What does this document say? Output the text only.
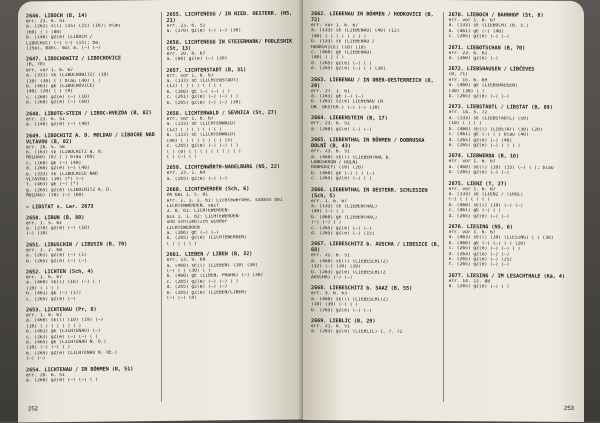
2646. LIBOCH (B, 14)
err. 23. 6. 51
a. (262) s(l) (15) (15) (16); blau
(60) ( ) (80)
b. (140) gZ(e) (LIBOCH /
LIBOCHIC) (—) (—) (15); ba.
(15a), Bahl. mul a. (—) (—)
2647. LIBOCHOWITZ / LIBOCHOVICE
(B, 70)
err. vor 1. 6. 67
a. (331) sE (LIBOCHOWITZ) (10)
(10) (30) ( ) blau (40) ( )
b. (463) gE (LIBOCHOVICE)
(40) (20) ( ) (9)
c. (260) gZ(e) (—) (10)
d. (260) gZ(e) (—) (60)
2648. LIBOTE-STEIN / LIBOC-HVEZDA (B, 82)
err. 23. 6. 51
a. (140) gZ(e) (—) (40)
2649. LIBOCHITZ A. D. MOLDAU / LIBOCHE NAD VLTAVOU (B, 82)
err. 28. 5. 58
b. (163) sE (LIBOCHITZ a. d.
MOLDAU) (8) ( ) blau (60)
c. (160) gE (—) (40)
d. (260) gZ(e) (—) (40)
e. (333) sE (LIBOCHICE NAD
VLTAVOU) (10) (*) (—)
f. (463) gE (—) (*)
g. (265) gZ(e) (LIBOCHITZ A. D.
MOLDAU) (10) (—) (60)
— LIBSTAT s. Ler. 2673
2650. LIBUN (B, 80)
err. 1. 5. 61
a. (270) gZ(e) (—) (10)
(—) (10)
2651. LIBUSCHIN / LIBUSIN (B, 70)
err. 1. 2. 68
a. (261) gZ(e) (—) (1)
b. (265) gZ(e) (—) (—)
2652. LICHTEN (Sch, 4)
err. 1. 6. 67
a. (460) sE(l) (16) (—) ( )
(10) ( ) ( )
b. (461) gE (—) (17)
c. (265) gZ(e) (—)
2653. LICHTENAU (Pr, 8)
err. 1. 8. 67
a. (460) sE(l) (10) (19) (—)
(10) ( ) ( ) ( ) ( )
b. (461) gE (LICHTENAU) (—)
c. (261) gZ(e) (—) (—) ( )
d. (465) gE (LICHTENAU N. O.)
(10) (—) (—) ( )
e. (265) gZ(e) (LICHTENAU N. OE.)
(—) (—)
2654. LICHTENAU / IN BÖHMEN (B, 51)
err. 20. 6. 51
a. (260) gZ(e) (—) (—) ( )
2655. LICHTENEGG / IN NIED. OESTERR. (N5, 21)
err. 23. 6. 51
a. (370) gZ(e) (—) (—) (30)
2656. LICHTENEGG IN STEIERMARK/ PODLESNIK (St, 13)
err. 20. 8. 67
a. (60) gZ(e) (—) (30)
2657. LICHTENSTADT (B, 31)
err. vor 1. 6. 67
a. (133) sE (LICHTENSTADT)
(12) ( ) ( ) ( ) ( )
b. (160) gE (—) (—) ( )
c. (261) gZ(e) (—) (—) ( )
b. (265) gZ(e) (—) (—) (30)
2658. LICHTENWALD / SEVNICA (St, 27)
err. vor 1. 6. 67
a. (133) sE (LICHTENWALD)
(12) ( ) ( ) ( ) ( )
b. (133) sE (LICHTENWALD)
(40) ( ) ( ) ( ) ( ) (5)
c. (265) gZ(e) (—) (—) ( )
( ) (0) ( ) ( ) ( ) ( ) ( )
( ) (—) ( )
2659. LICHTENWÖRTH-NADELBURG (N5, 22)
err. 23. 1. 64
a. (265) gZ(e) (—) (—)
2660. LICHTEWERDEN (Sch, 6)
PA bei 1. 5. 81
err. 1. 1. 1. 61: Lichtewerden, sodass bei
LICHTENWERDEN. seit
3. 8. 61: LICHTEWERDEN-
bis 1. 1. 82: LICHTEWERDEN-
und schließlich wieder
LICHTEWERDEN
a. (166) gE (—) (—)
b. (265) gZ(e) (LICHTEWERDEN)
( ) ( ) ( )
2661. LIEBEN / LIBEN (B, 32)
err. 13. 9. 69
a. (460) sE(l) (LIEBEN) (10) (30)
(—) ( ) (30) ( )
b. (460) gE (LIBEN, PRAHA) (—) (30)
c. (265) gZ(e) (—) (—) ( )
d. (265) gZ(e) (—) (—)
e. (265) gZ(e) (LIEBEN/LIBEN)
(—) (—) (8)
252
2662. LIEBENAU IN BÖHMEN / HODKOVICE (B, 72)
err. vor 1. 6. 67
a. (133) sE (LIEBENAU) (40) (12)
(40) ( ) ( ) ( ) ( )
b. (133) sE (LIEBENAU /
HODKOVICE) (10) (10)
c. (460) gE (LIEBENAU)
(40) ( ) ( )
d. (265) gZ(e) (—) ( )
e. (265) gZ(e) (—) ( ) (30)
2663. LIEBENAU / IN OBER-OESTERREICH (O, 20)
err. 27. 1. 61
a. (163) gE (—) (—)
b. (263) sZ(e) LIEBENAU IN
OB. OESTER.) (—) (—) (30)
2664. LIEBENSTEIN (B, 17)
err. 23. 6. 51
a. (260) gZ(e) (—) (—)
2665. LIEBENTHAL IN BÖHMEN / DOBRUSKA DOLNÍ (B, 43)
err. 23. 6. 51
a. (460) sE(l) (LIEBENTHAL b.
LANDSKRON / DOLNI
DOBROUCY) (10) (20)
b. (460) gE (—) ( ) (—)
c. (265) gZ(e) (—) ( )
2666. LIEBENTHAL IN OESTERR. SCHLESIEN (Sch, 5)
err. 1. 6. 67
a. (133) sE (LIEBENTHAL)
(40) (—) ( )
b. (460) gE (LIEBENTHAL)
(—) (—) ( )
c. (265) gZ(e) (—) (—)
d. (265) gZ(e) (—) (15)
2667. LIEBESCHITZ b. AUSCHA / LIBESICE (B, 68)
err. 22. 6. 51
a. (460) sE(l) (LIEBESCHITZ)
(12) (—) (10) (10)
b. (263) gZ(e) (LIEBESCHITZ
AUSCHA) (—) (—)
2668. LIEBESCHITZ b. SAAZ (B, 55)
err. 3. 6. 63
a. (460) sE(l) (LIEBESCHITZ)
(10) (30) (—) ( )
b. (265) gZ(e) (—) (—)
2669. LIEBLIC (B, 29)
err. 21. 6. 51
a. (263) gZ(e) (LIEBLIC) 1. 7. 72
2670. LIEBOCH / BAHNHOF (St, 8)
err. vor 1. 6. 67
a. (133) sE (LIEBOCH) (B. S.)
b. (461) gE (—) (40)
c. (265) gZ(e) (—) (—)
2671. LIEBOTSCHAN (B, 70)
err. 23. 6. 61
a. (260) gZ(e) (—)
2672. LIEBSHAUSEN / LIBČEVES
(B, 71)
err. 15. 6. 69
a. (460) gE (LIEBSHAUSEN)
(30) (30) ( )
b. (265) gZ(e) (—) (—)
2673. LIEBSTADTL / LIBSTAT (B, 89)
err. 14. 5. 72
a. (133) sE (LIEBSTADTL) (50)
(10) ( ) ( )
b. (460) sE(l) (LIBSTAT) (30) (20)
c. (461) gE (—) ( ) blau (40)
d. (265) gZ(e) (—) (40)
e. (265) gZ(e) (—) ( ) ( )
2674. LIEBWERDA (B, 10)
err. vor 1. 6. 67
a. (460) sE(l) (10) (15) (—) ( ); blau
b. (265) gZ(e) (—) (—)
2675. LIENZ (T, 27)
err. vor 1. 6. 67
a. (133) sE (LIENZ / TIROL)
(—) ( ) ( ) ( )
b. (460) sE(l) (10) (—) (—)
c. (461) gE (—) ( )
d. (265) gZ(e) (—) (—)
2676. LIESING (N5, 6)
err. vor 1. 6. 67
a. (463) sE(l) (10) (LIESING) ( ) (30)
b. (460) gE (—) (—) ( ) (20)
c. (265) gZ(e) (—) (—) ( )
d. (263) gZ(e) (—) (—)
e. (265) gZ(e) (—) (25)
f. (265) gZ(e) (—) (—)
2677. LIESING / IM LESACHTHALE (Kä, 4)
err. 14. 12. 88
a. (265) gZ(e) (—) ( )
253
